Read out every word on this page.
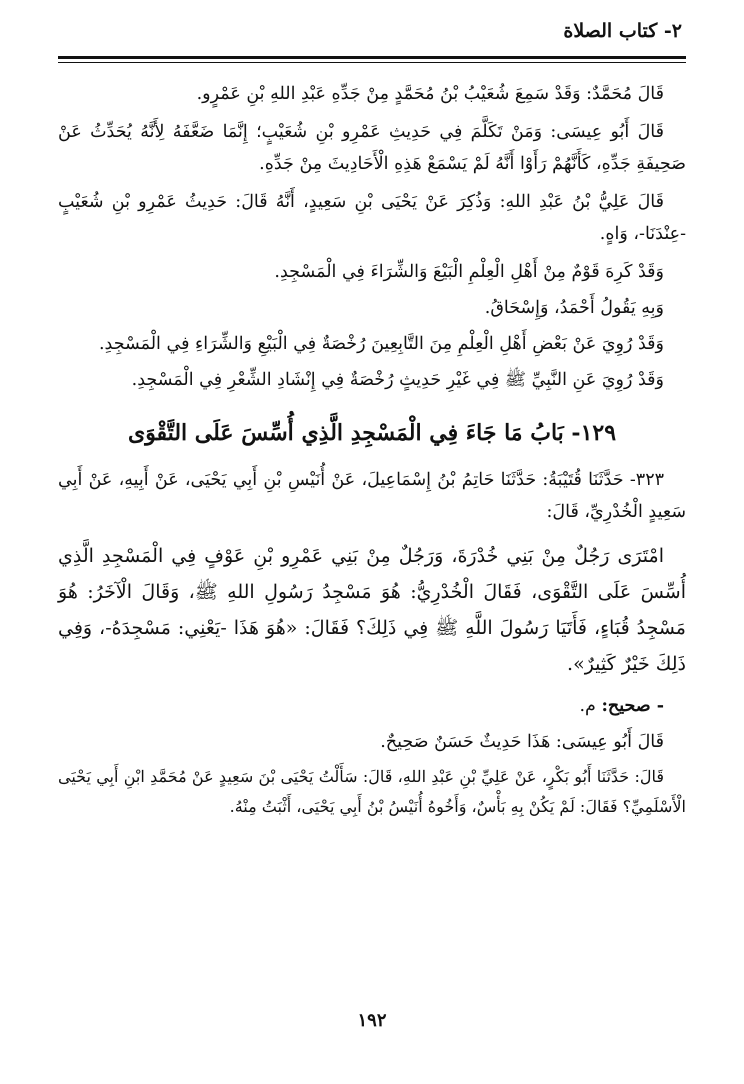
٢- كتاب الصلاة

قَالَ مُحَمَّدٌ: وَقَدْ سَمِعَ شُعَيْبُ بْنُ مُحَمَّدٍ مِنْ جَدِّهِ عَبْدِ اللهِ بْنِ عَمْرٍو.

قَالَ أَبُو عِيسَى: وَمَنْ تَكَلَّمَ فِي حَدِيثِ عَمْرِو بْنِ شُعَيْبٍ؛ إِنَّمَا ضَعَّفَهُ لِأَنَّهُ يُحَدِّثُ عَنْ صَحِيفَةِ جَدِّهِ، كَأَنَّهُمْ رَأَوْا أَنَّهُ لَمْ يَسْمَعْ هَذِهِ الْأَحَادِيثَ مِنْ جَدِّهِ.

قَالَ عَلِيُّ بْنُ عَبْدِ اللهِ: وَذُكِرَ عَنْ يَحْيَى بْنِ سَعِيدٍ، أَنَّهُ قَالَ: حَدِيثُ عَمْرِو بْنِ شُعَيْبٍ -عِنْدَنَا-، وَاهٍ.

وَقَدْ كَرِهَ قَوْمٌ مِنْ أَهْلِ الْعِلْمِ الْبَيْعَ وَالشِّرَاءَ فِي الْمَسْجِدِ.

وَبِهِ يَقُولُ أَحْمَدُ، وَإِسْحَاقُ.

وَقَدْ رُوِيَ عَنْ بَعْضِ أَهْلِ الْعِلْمِ مِنَ التَّابِعِينَ رُخْصَةٌ فِي الْبَيْعِ وَالشِّرَاءِ فِي الْمَسْجِدِ.

وَقَدْ رُوِيَ عَنِ النَّبِيِّ ﷺ فِي غَيْرِ حَدِيثٍ رُخْصَةٌ فِي إِنْشَادِ الشِّعْرِ فِي الْمَسْجِدِ.

١٢٩- بَابُ مَا جَاءَ فِي الْمَسْجِدِ الَّذِي أُسِّسَ عَلَى التَّقْوَى

٣٢٣- حَدَّثَنَا قُتَيْبَةُ: حَدَّثَنَا حَاتِمُ بْنُ إِسْمَاعِيلَ، عَنْ أُنَيْسِ بْنِ أَبِي يَحْيَى، عَنْ أَبِيهِ، عَنْ أَبِي سَعِيدٍ الْخُدْرِيِّ، قَالَ:

امْتَرَى رَجُلٌ مِنْ بَنِي خُدْرَةَ، وَرَجُلٌ مِنْ بَنِي عَمْرِو بْنِ عَوْفٍ فِي الْمَسْجِدِ الَّذِي أُسِّسَ عَلَى التَّقْوَى، فَقَالَ الْخُدْرِيُّ: هُوَ مَسْجِدُ رَسُولِ اللهِ ﷺ، وَقَالَ الْآخَرُ: هُوَ مَسْجِدُ قُبَاءٍ، فَأَتَيَا رَسُولَ اللَّهِ ﷺ فِي ذَلِكَ؟ فَقَالَ: «هُوَ هَذَا -يَعْنِي: مَسْجِدَهُ-، وَفِي ذَلِكَ خَيْرٌ كَثِيرٌ».

- صحيح: م.

قَالَ أَبُو عِيسَى: هَذَا حَدِيثٌ حَسَنٌ صَحِيحٌ.

قَالَ: حَدَّثَنَا أَبُو بَكْرٍ، عَنْ عَلِيِّ بْنِ عَبْدِ اللهِ، قَالَ: سَأَلْتُ يَحْيَى بْنَ سَعِيدٍ عَنْ مُحَمَّدِ ابْنِ أَبِي يَحْيَى الْأَسْلَمِيِّ؟ فَقَالَ: لَمْ يَكُنْ بِهِ بَأْسٌ، وَأَخُوهُ أُنَيْسُ بْنُ أَبِي يَحْيَى، أَثْبَتُ مِنْهُ.

١٩٢
